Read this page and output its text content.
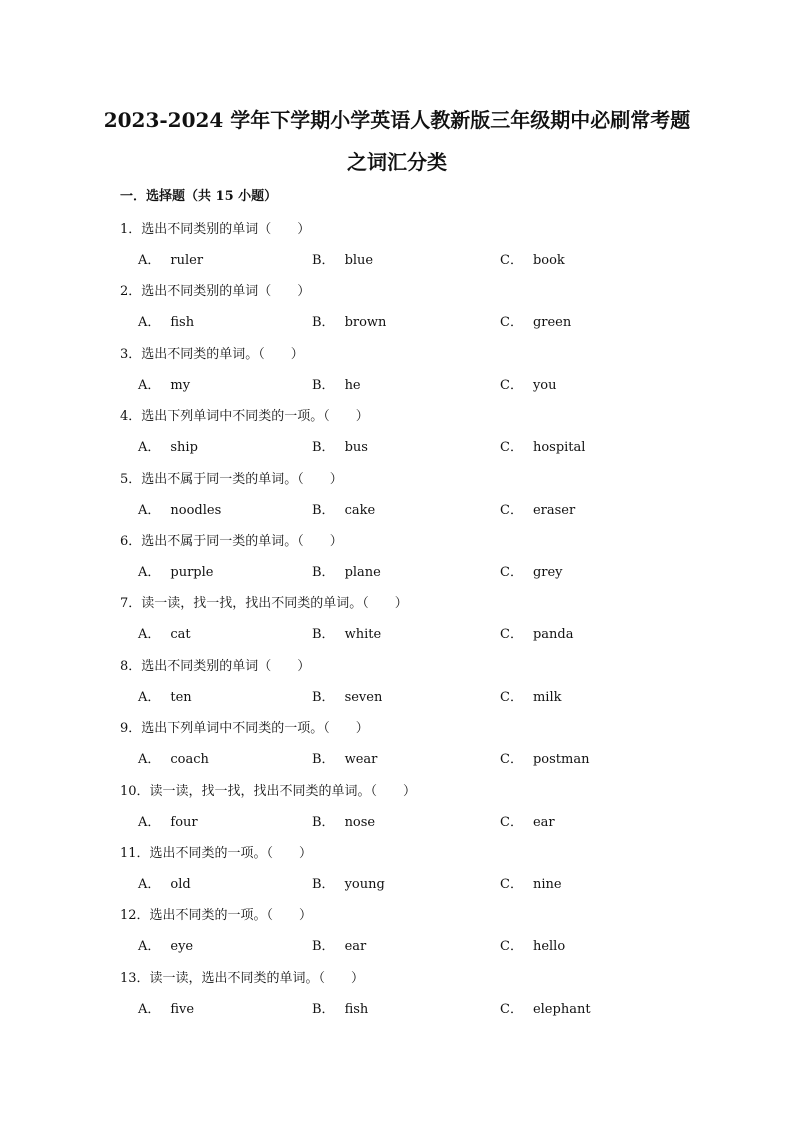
2023-2024 学年下学期小学英语人教新版三年级期中必刷常考题
之词汇分类
一．选择题（共 15 小题）
1．选出不同类别的单词（　　）
A． ruler	B． blue	C． book
2．选出不同类别的单词（　　）
A． fish	B． brown	C． green
3．选出不同类的单词。（　　）
A． my	B． he	C． you
4．选出下列单词中不同类的一项。（　　）
A． ship	B． bus	C． hospital
5．选出不属于同一类的单词。（　　）
A． noodles	B． cake	C． eraser
6．选出不属于同一类的单词。（　　）
A． purple	B． plane	C． grey
7．读一读，找一找，找出不同类的单词。（　　）
A． cat	B． white	C． panda
8．选出不同类别的单词（　　）
A． ten	B． seven	C． milk
9．选出下列单词中不同类的一项。（　　）
A． coach	B． wear	C． postman
10．读一读，找一找，找出不同类的单词。（　　）
A． four	B． nose	C． ear
11．选出不同类的一项。（　　）
A． old	B． young	C． nine
12．选出不同类的一项。（　　）
A． eye	B． ear	C． hello
13．读一读，选出不同类的单词。（　　）
A． five	B． fish	C． elephant
